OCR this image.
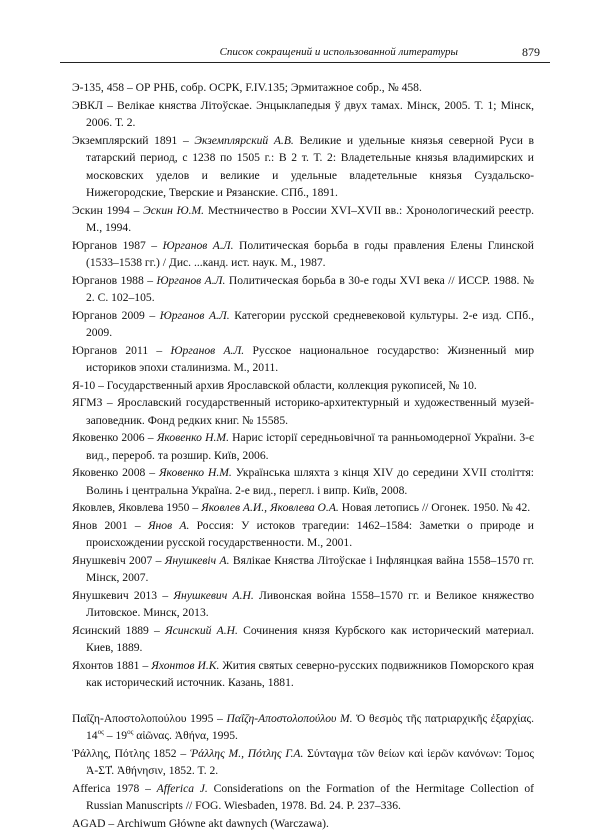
Список сокращений и использованной литературы	879

Э-135, 458 – ОР РНБ, собр. ОСРК, F.IV.135; Эрмитажное собр., № 458.

ЭВКЛ – Велікае княства Літоўскае. Энцыклапедыя ў двух тамах. Мінск, 2005. Т. 1; Мінск, 2006. Т. 2.

Экземплярский 1891 – Экземплярский А.В. Великие и удельные князья северной Руси в татарский период, с 1238 по 1505 г.: В 2 т. Т. 2: Владетельные князья владимирских и московских уделов и великие и удельные владетельные князья Суздальско-Нижегородские, Тверские и Рязанские. СПб., 1891.

Эскин 1994 – Эскин Ю.М. Местничество в России XVI–XVII вв.: Хронологический реестр. М., 1994.

Юрганов 1987 – Юрганов А.Л. Политическая борьба в годы правления Елены Глинской (1533–1538 гг.) / Дис. ...канд. ист. наук. М., 1987.

Юрганов 1988 – Юрганов А.Л. Политическая борьба в 30-е годы XVI века // ИССР. 1988. № 2. С. 102–105.

Юрганов 2009 – Юрганов А.Л. Категории русской средневековой культуры. 2-е изд. СПб., 2009.

Юрганов 2011 – Юрганов А.Л. Русское национальное государство: Жизненный мир историков эпохи сталинизма. М., 2011.

Я-10 – Государственный архив Ярославской области, коллекция рукописей, № 10.

ЯГМЗ – Ярославский государственный историко-архитектурный и художественный музей-заповедник. Фонд редких книг. № 15585.

Яковенко 2006 – Яковенко Н.М. Нарис історії середньовічної та ранньомодерної України. 3-є вид., перероб. та розшир. Київ, 2006.

Яковенко 2008 – Яковенко Н.М. Українська шляхта з кінця XIV до середини XVII століття: Волинь і центральна Україна. 2-е вид., перегл. і випр. Київ, 2008.

Яковлев, Яковлева 1950 – Яковлев А.И., Яковлева О.А. Новая летопись // Огонек. 1950. № 42.

Янов 2001 – Янов А. Россия: У истоков трагедии: 1462–1584: Заметки о природе и происхождении русской государственности. М., 2001.

Янушкевіч 2007 – Янушкевіч А. Вялікае Княства Літоўскае і Інфлянцкая вайна 1558–1570 гг. Мінск, 2007.

Янушкевич 2013 – Янушкевич А.Н. Ливонская война 1558–1570 гг. и Великое княжество Литовское. Минск, 2013.

Ясинский 1889 – Ясинский А.Н. Сочинения князя Курбского как исторический материал. Киев, 1889.

Яхонтов 1881 – Яхонтов И.К. Жития святых северно-русских подвижников Поморского края как исторический источник. Казань, 1881.

Παΐζη-Αποστολοπούλου 1995 – Παΐζη-Αποστολοπούλου Μ. Ὁ θεσμὸς τῆς πατριαρχικῆς ἐξαρχίας. $14^{o\varsigma} - 19^{o\varsigma}$ αἰῶνας. Ἀθήνα, 1995.

Ῥάλλης, Πότλης 1852 – Ῥάλλης Μ., Πότλης Γ.Α. Σύνταγμα τῶν θείων καὶ ἱερῶν κανόνων: Τομος Ἀ-ΣΤ̓. Ἀθήνησιν, 1852. Τ. 2.

Afferica 1978 – Afferica J. Considerations on the Formation of the Hermitage Collection of Russian Manuscripts // FOG. Wiesbaden, 1978. Bd. 24. P. 237–336.

AGAD – Archiwum Główne akt dawnych (Warczawa).
